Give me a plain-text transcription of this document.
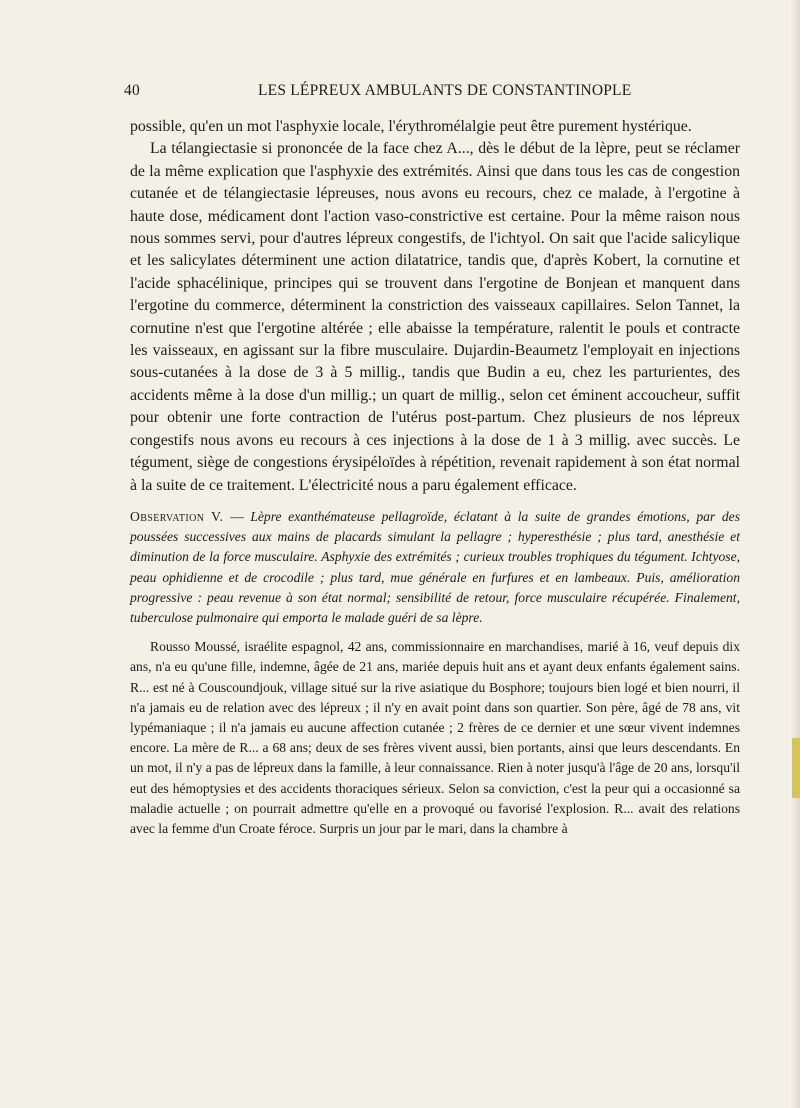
40	LES LÉPREUX AMBULANTS DE CONSTANTINOPLE

possible, qu'en un mot l'asphyxie locale, l'érythromélalgie peut être purement hystérique.

La télangiectasie si prononcée de la face chez A..., dès le début de la lèpre, peut se réclamer de la même explication que l'asphyxie des extrémités. Ainsi que dans tous les cas de congestion cutanée et de télangiectasie lépreuses, nous avons eu recours, chez ce malade, à l'ergotine à haute dose, médicament dont l'action vaso-constrictive est certaine. Pour la même raison nous nous sommes servi, pour d'autres lépreux congestifs, de l'ichtyol. On sait que l'acide salicylique et les salicylates déterminent une action dilatatrice, tandis que, d'après Kobert, la cornutine et l'acide sphacélinique, principes qui se trouvent dans l'ergotine de Bonjean et manquent dans l'ergotine du commerce, déterminent la constriction des vaisseaux capillaires. Selon Tannet, la cornutine n'est que l'ergotine altérée ; elle abaisse la température, ralentit le pouls et contracte les vaisseaux, en agissant sur la fibre musculaire. Dujardin-Beaumetz l'employait en injections sous-cutanées à la dose de 3 à 5 millig., tandis que Budin a eu, chez les parturientes, des accidents même à la dose d'un millig.; un quart de millig., selon cet éminent accoucheur, suffit pour obtenir une forte contraction de l'utérus post-partum. Chez plusieurs de nos lépreux congestifs nous avons eu recours à ces injections à la dose de 1 à 3 millig. avec succès. Le tégument, siège de congestions érysipéloïdes à répétition, revenait rapidement à son état normal à la suite de ce traitement. L'électricité nous a paru également efficace.

Observation V. — Lèpre exanthémateuse pellagroïde, éclatant à la suite de grandes émotions, par des poussées successives aux mains de placards simulant la pellagre ; hyperesthésie ; plus tard, anesthésie et diminution de la force musculaire. Asphyxie des extrémités ; curieux troubles trophiques du tégument. Ichtyose, peau ophidienne et de crocodile ; plus tard, mue générale en furfures et en lambeaux. Puis, amélioration progressive : peau revenue à son état normal; sensibilité de retour, force musculaire récupérée. Finalement, tuberculose pulmonaire qui emporta le malade guéri de sa lèpre.

Rousso Moussé, israélite espagnol, 42 ans, commissionnaire en marchandises, marié à 16, veuf depuis dix ans, n'a eu qu'une fille, indemne, âgée de 21 ans, mariée depuis huit ans et ayant deux enfants également sains. R... est né à Couscoundjouk, village situé sur la rive asiatique du Bosphore; toujours bien logé et bien nourri, il n'a jamais eu de relation avec des lépreux ; il n'y en avait point dans son quartier. Son père, âgé de 78 ans, vit lypémaniaque ; il n'a jamais eu aucune affection cutanée ; 2 frères de ce dernier et une sœur vivent indemnes encore. La mère de R... a 68 ans; deux de ses frères vivent aussi, bien portants, ainsi que leurs descendants. En un mot, il n'y a pas de lépreux dans la famille, à leur connaissance. Rien à noter jusqu'à l'âge de 20 ans, lorsqu'il eut des hémoptysies et des accidents thoraciques sérieux. Selon sa conviction, c'est la peur qui a occasionné sa maladie actuelle ; on pourrait admettre qu'elle en a provoqué ou favorisé l'explosion. R... avait des relations avec la femme d'un Croate féroce. Surpris un jour par le mari, dans la chambre à
